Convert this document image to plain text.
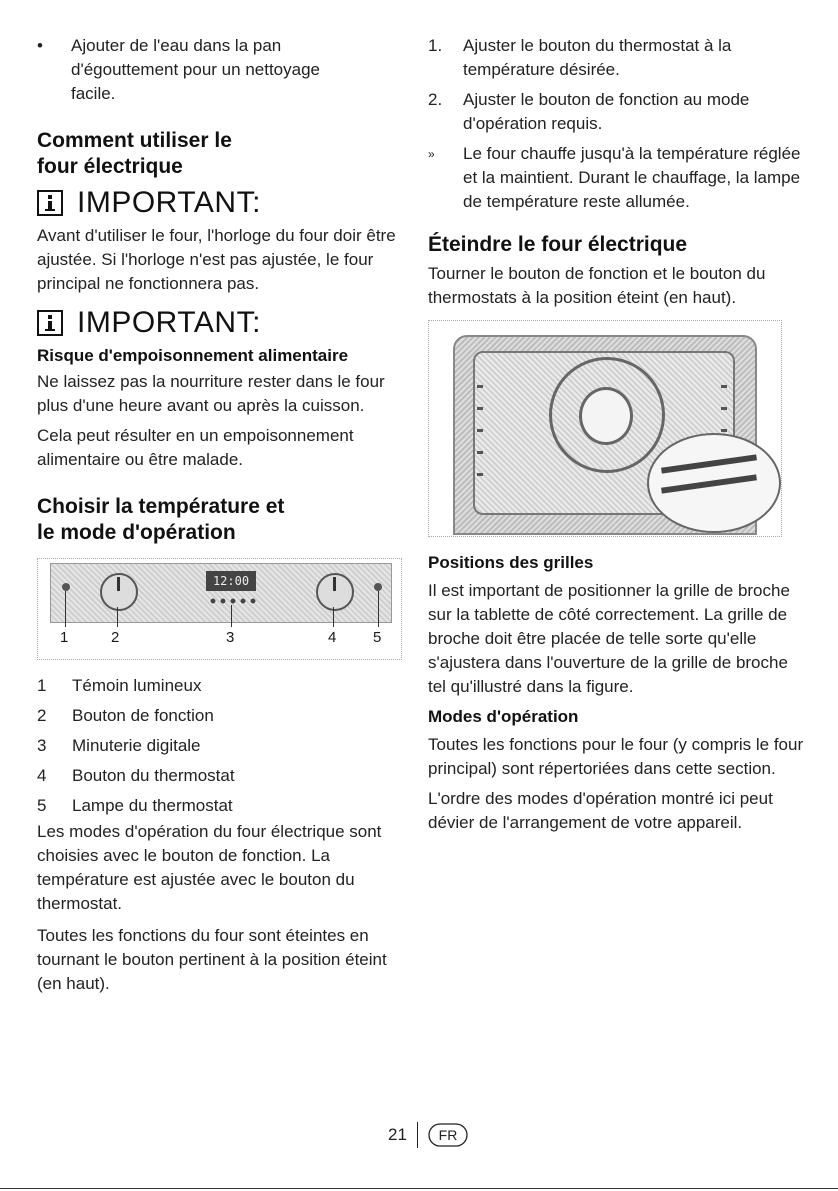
•	Ajouter de l'eau dans la pan d'égouttement pour un nettoyage facile.

Comment utiliser le

four électrique

IMPORTANT:

Avant d'utiliser le four, l'horloge du four doir être ajustée. Si l'horloge n'est pas ajustée, le four principal ne fonctionnera pas.

IMPORTANT:

Risque d'empoisonnement alimentaire

Ne laissez pas la nourriture rester dans le four plus d'une heure avant ou après la cuisson.

Cela peut résulter en un empoisonnement alimentaire ou être malade.

Choisir la température et

le mode d'opération

12:00
1	2	3	4 5
1	Témoin lumineux
2	Bouton de fonction
3	Minuterie digitale
4	Bouton du thermostat
5	Lampe du thermostat

Les modes d'opération du four électrique sont choisies avec le bouton de fonction. La température est ajustée avec le bouton du thermostat.

Toutes les fonctions du four sont éteintes en tournant le bouton pertinent à la position éteint (en haut).

1.	Ajuster le bouton du thermostat à la température désirée.
2.	Ajuster le bouton de fonction au mode d'opération requis.
»	Le four chauffe jusqu'à la température réglée et la maintient. Durant le chauffage, la lampe de température reste allumée.

Éteindre le four électrique

Tourner le bouton de fonction et le bouton du thermostats à la position éteint (en haut).

Positions des grilles

Il est important de positionner la grille de broche sur la tablette de côté correctement. La grille de broche doit être placée de telle sorte qu'elle s'ajustera dans l'ouverture de la grille de broche tel qu'illustré dans la figure.

Modes d'opération

Toutes les fonctions pour le four (y compris le four principal) sont répertoriées dans cette section.

L'ordre des modes d'opération montré ici peut dévier de l'arrangement de votre appareil.

21 FR
